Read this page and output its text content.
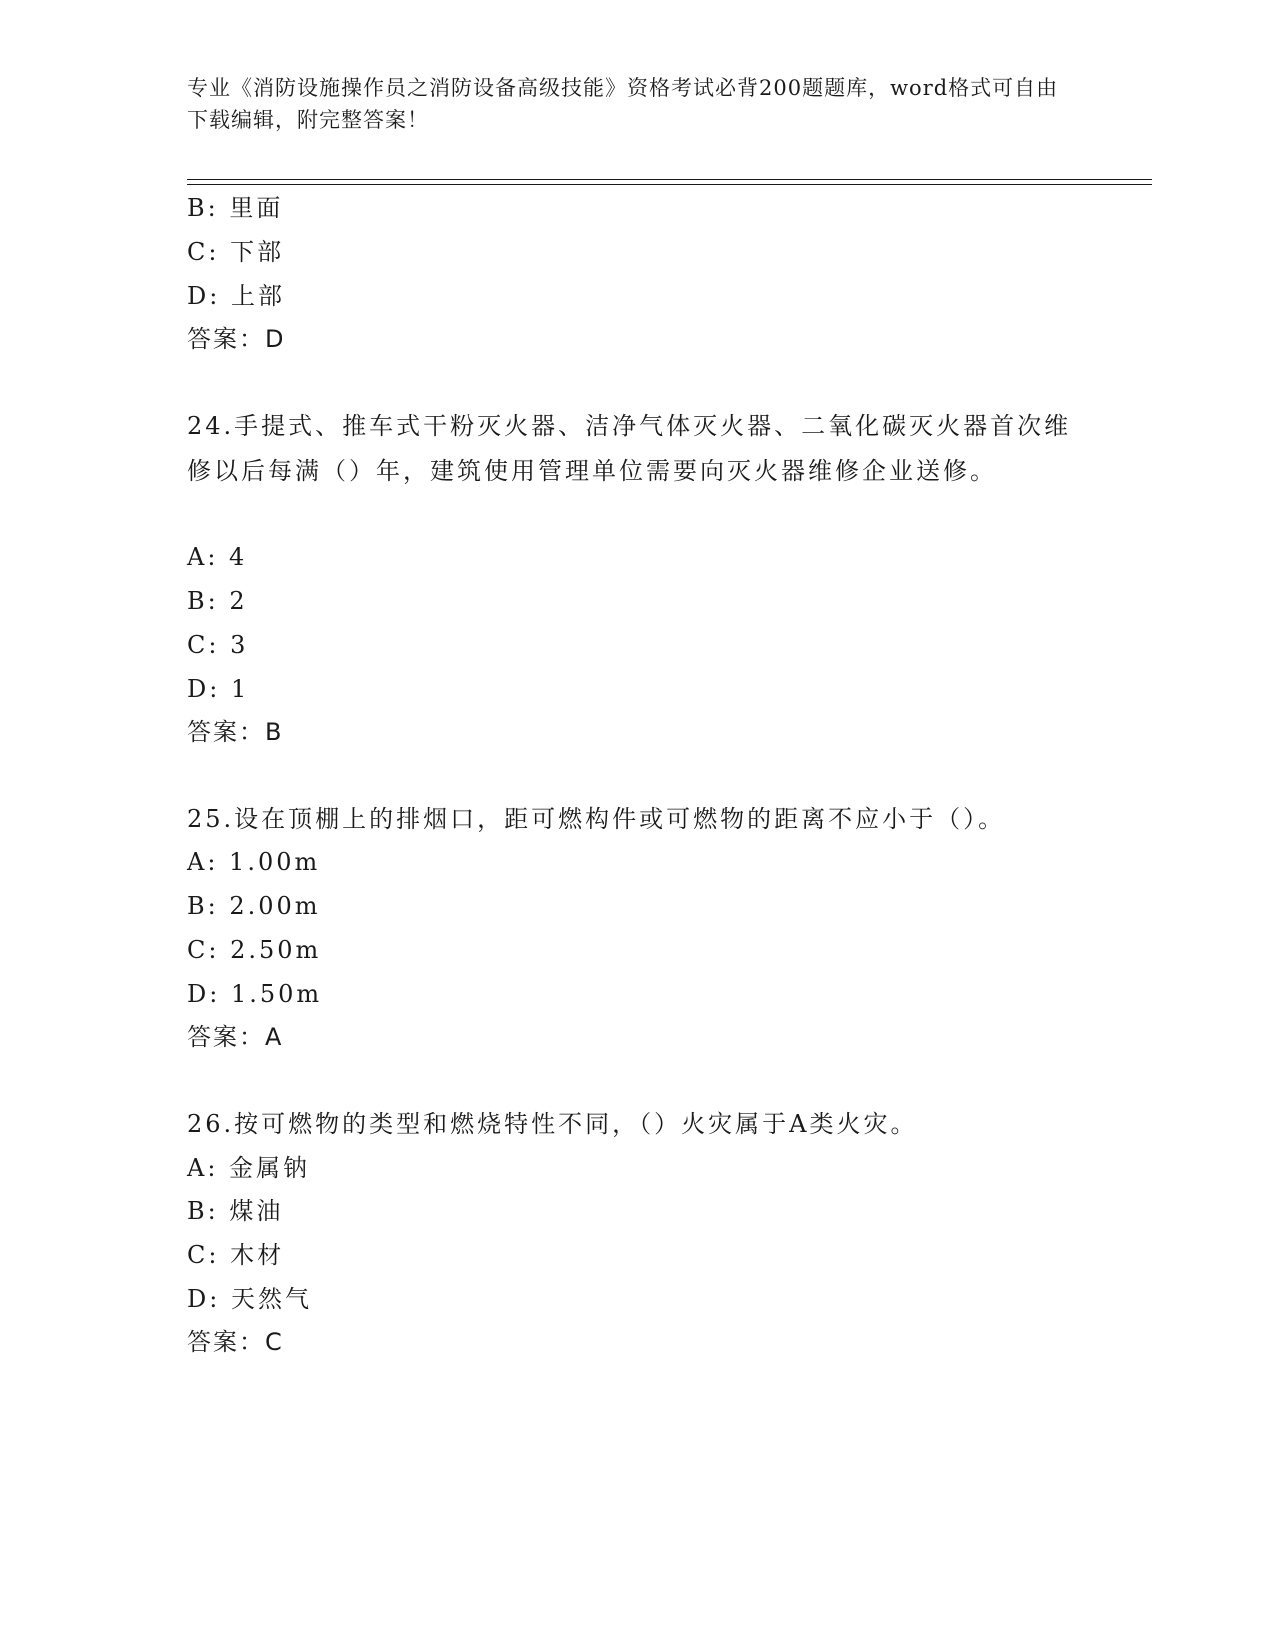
专业《消防设施操作员之消防设备高级技能》资格考试必背200题题库，word格式可自由下载编辑，附完整答案！
B: 里面
C: 下部
D: 上部
答案：D
24.手提式、推车式干粉灭火器、洁净气体灭火器、二氧化碳灭火器首次维修以后每满（）年，建筑使用管理单位需要向灭火器维修企业送修。
A: 4
B: 2
C: 3
D: 1
答案：B
25.设在顶棚上的排烟口，距可燃构件或可燃物的距离不应小于（）。
A: 1.00m
B: 2.00m
C: 2.50m
D: 1.50m
答案：A
26.按可燃物的类型和燃烧特性不同，（）火灾属于A类火灾。
A: 金属钠
B: 煤油
C: 木材
D: 天然气
答案：C
